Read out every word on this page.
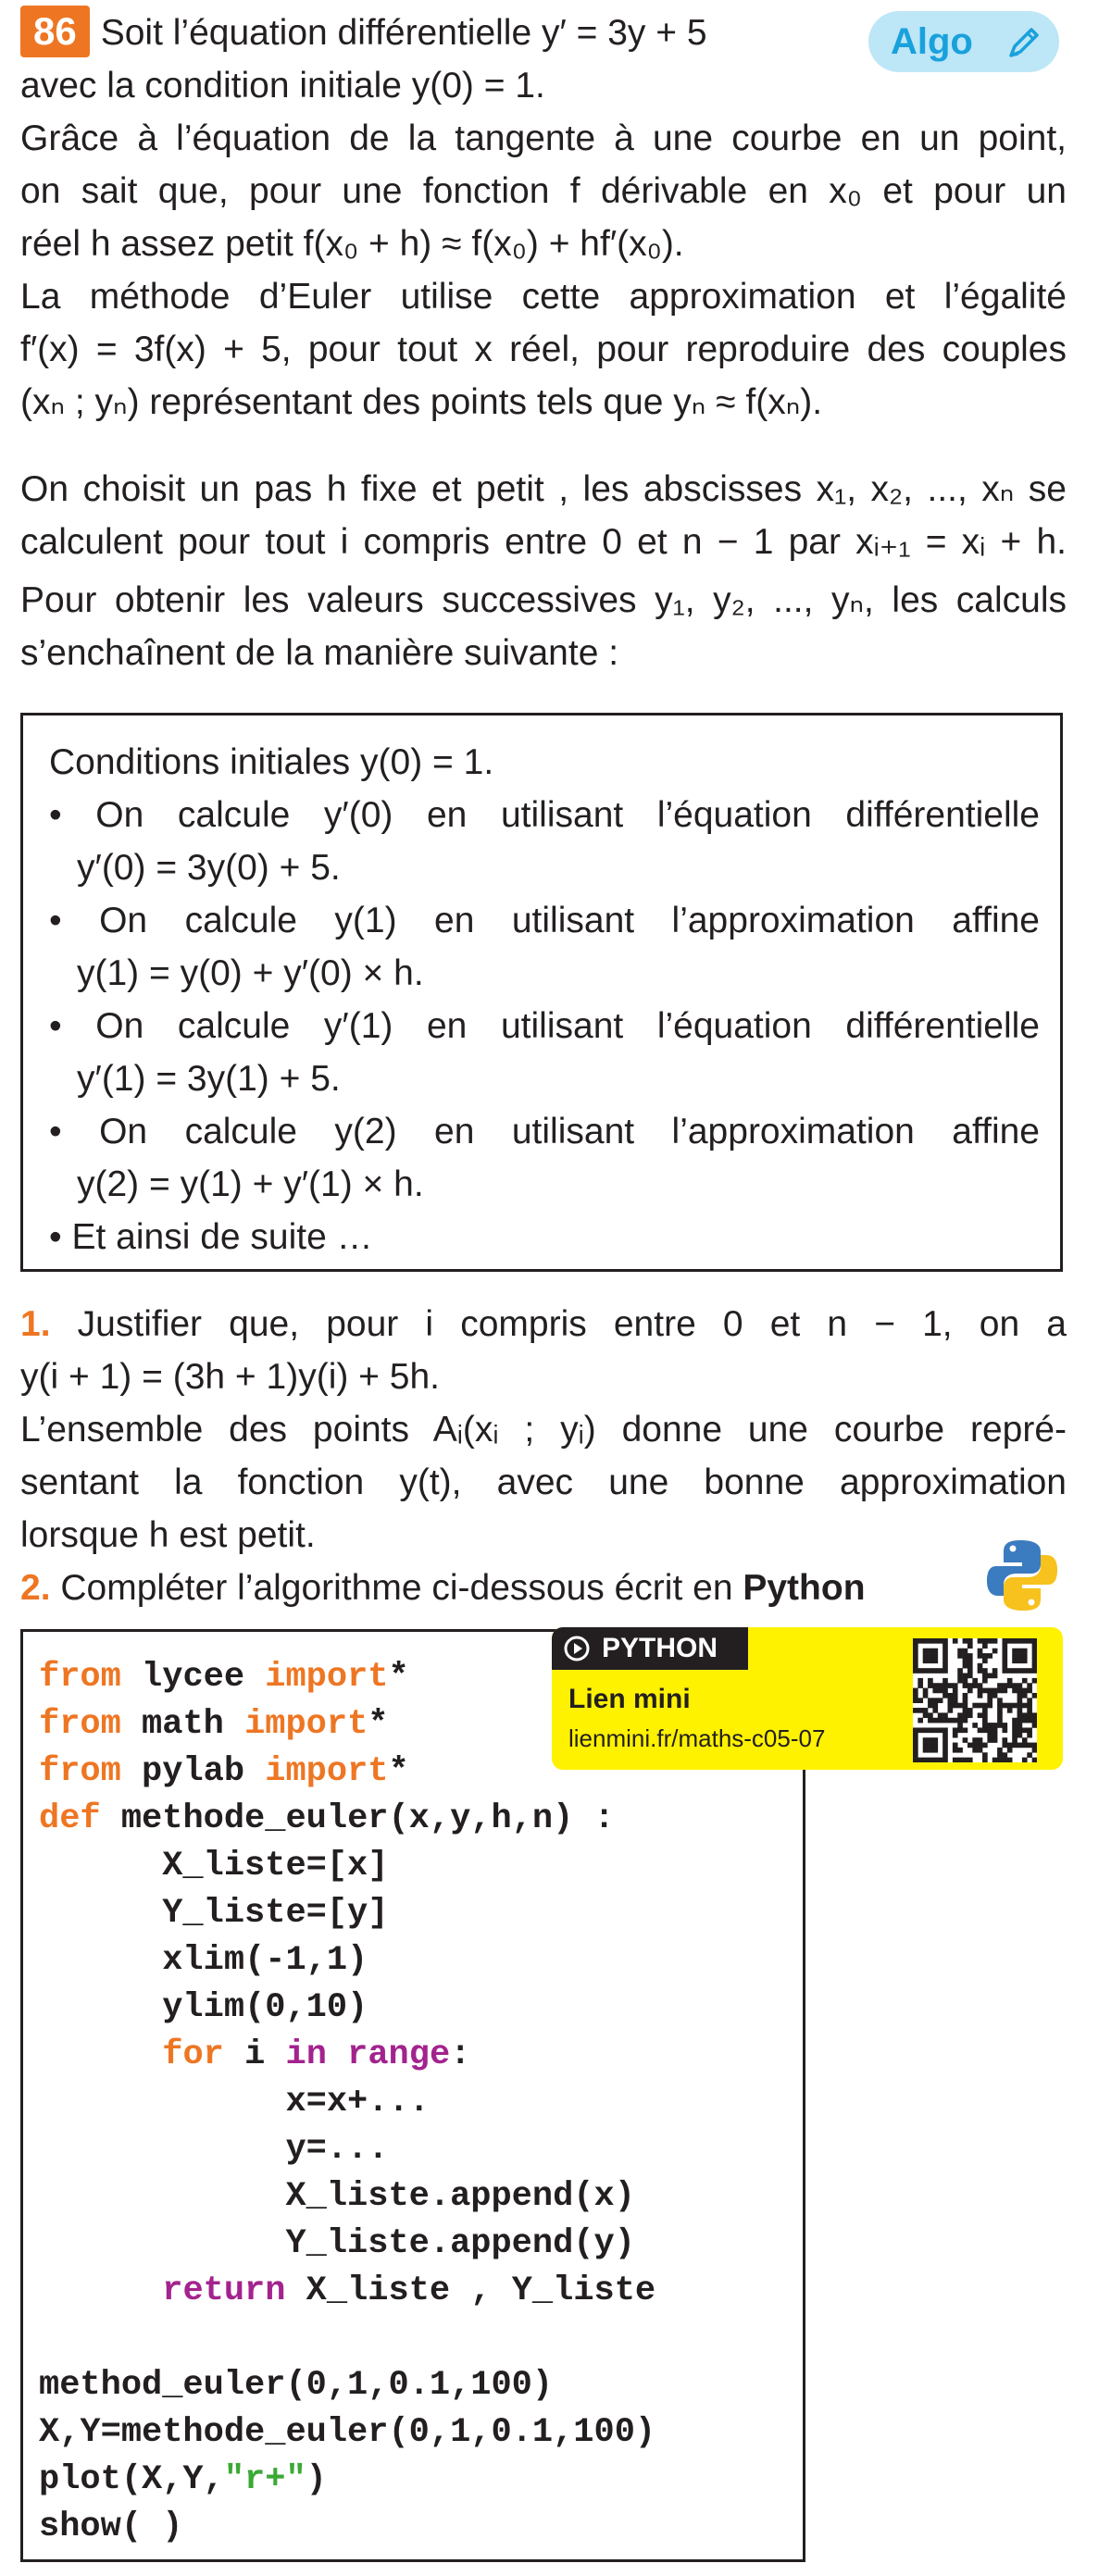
Algo
86 Soit l’équation différentielle y′ = 3y + 5
avec la condition initiale y(0) = 1.
Grâce à l’équation de la tangente à une courbe en un point,
on sait que, pour une fonction f dérivable en x₀ et pour un
réel h assez petit f(x₀ + h) ≈ f(x₀) + hf′(x₀).
La méthode d’Euler utilise cette approximation et l’égalité
f′(x) = 3f(x) + 5, pour tout x réel, pour reproduire des couples
(xₙ ; yₙ) représentant des points tels que yₙ ≈ f(xₙ).
On choisit un pas h fixe et petit , les abscisses x₁, x₂, ..., xₙ se
calculent pour tout i compris entre 0 et n − 1 par xᵢ₊₁ = xᵢ + h.
Pour obtenir les valeurs successives y₁, y₂, ..., yₙ, les calculs
s’enchaînent de la manière suivante :
Conditions initiales y(0) = 1.
• On calcule y′(0) en utilisant l’équation différentielle
y′(0) = 3y(0) + 5.
• On calcule y(1) en utilisant l’approximation affine
y(1) = y(0) + y′(0) × h.
• On calcule y′(1) en utilisant l’équation différentielle
y′(1) = 3y(1) + 5.
• On calcule y(2) en utilisant l’approximation affine
y(2) = y(1) + y′(1) × h.
• Et ainsi de suite …
1. Justifier que, pour i compris entre 0 et n − 1, on a
y(i + 1) = (3h + 1)y(i) + 5h.
L’ensemble des points Aᵢ(xᵢ ; yᵢ) donne une courbe repré-
sentant la fonction y(t), avec une bonne approximation
lorsque h est petit.
2. Compléter l’algorithme ci-dessous écrit en Python
from lycee import*
from math import*
from pylab import*
def methode_euler(x,y,h,n) :
X_liste=[x]
Y_liste=[y]
xlim(-1,1)
ylim(0,10)
for i in range:
x=x+...
y=...
X_liste.append(x)
Y_liste.append(y)
return X_liste , Y_liste

method_euler(0,1,0.1,100)
X,Y=methode_euler(0,1,0.1,100)
plot(X,Y,"r+")
show( )
PYTHON
Lien mini
lienmini.fr/maths-c05-07
